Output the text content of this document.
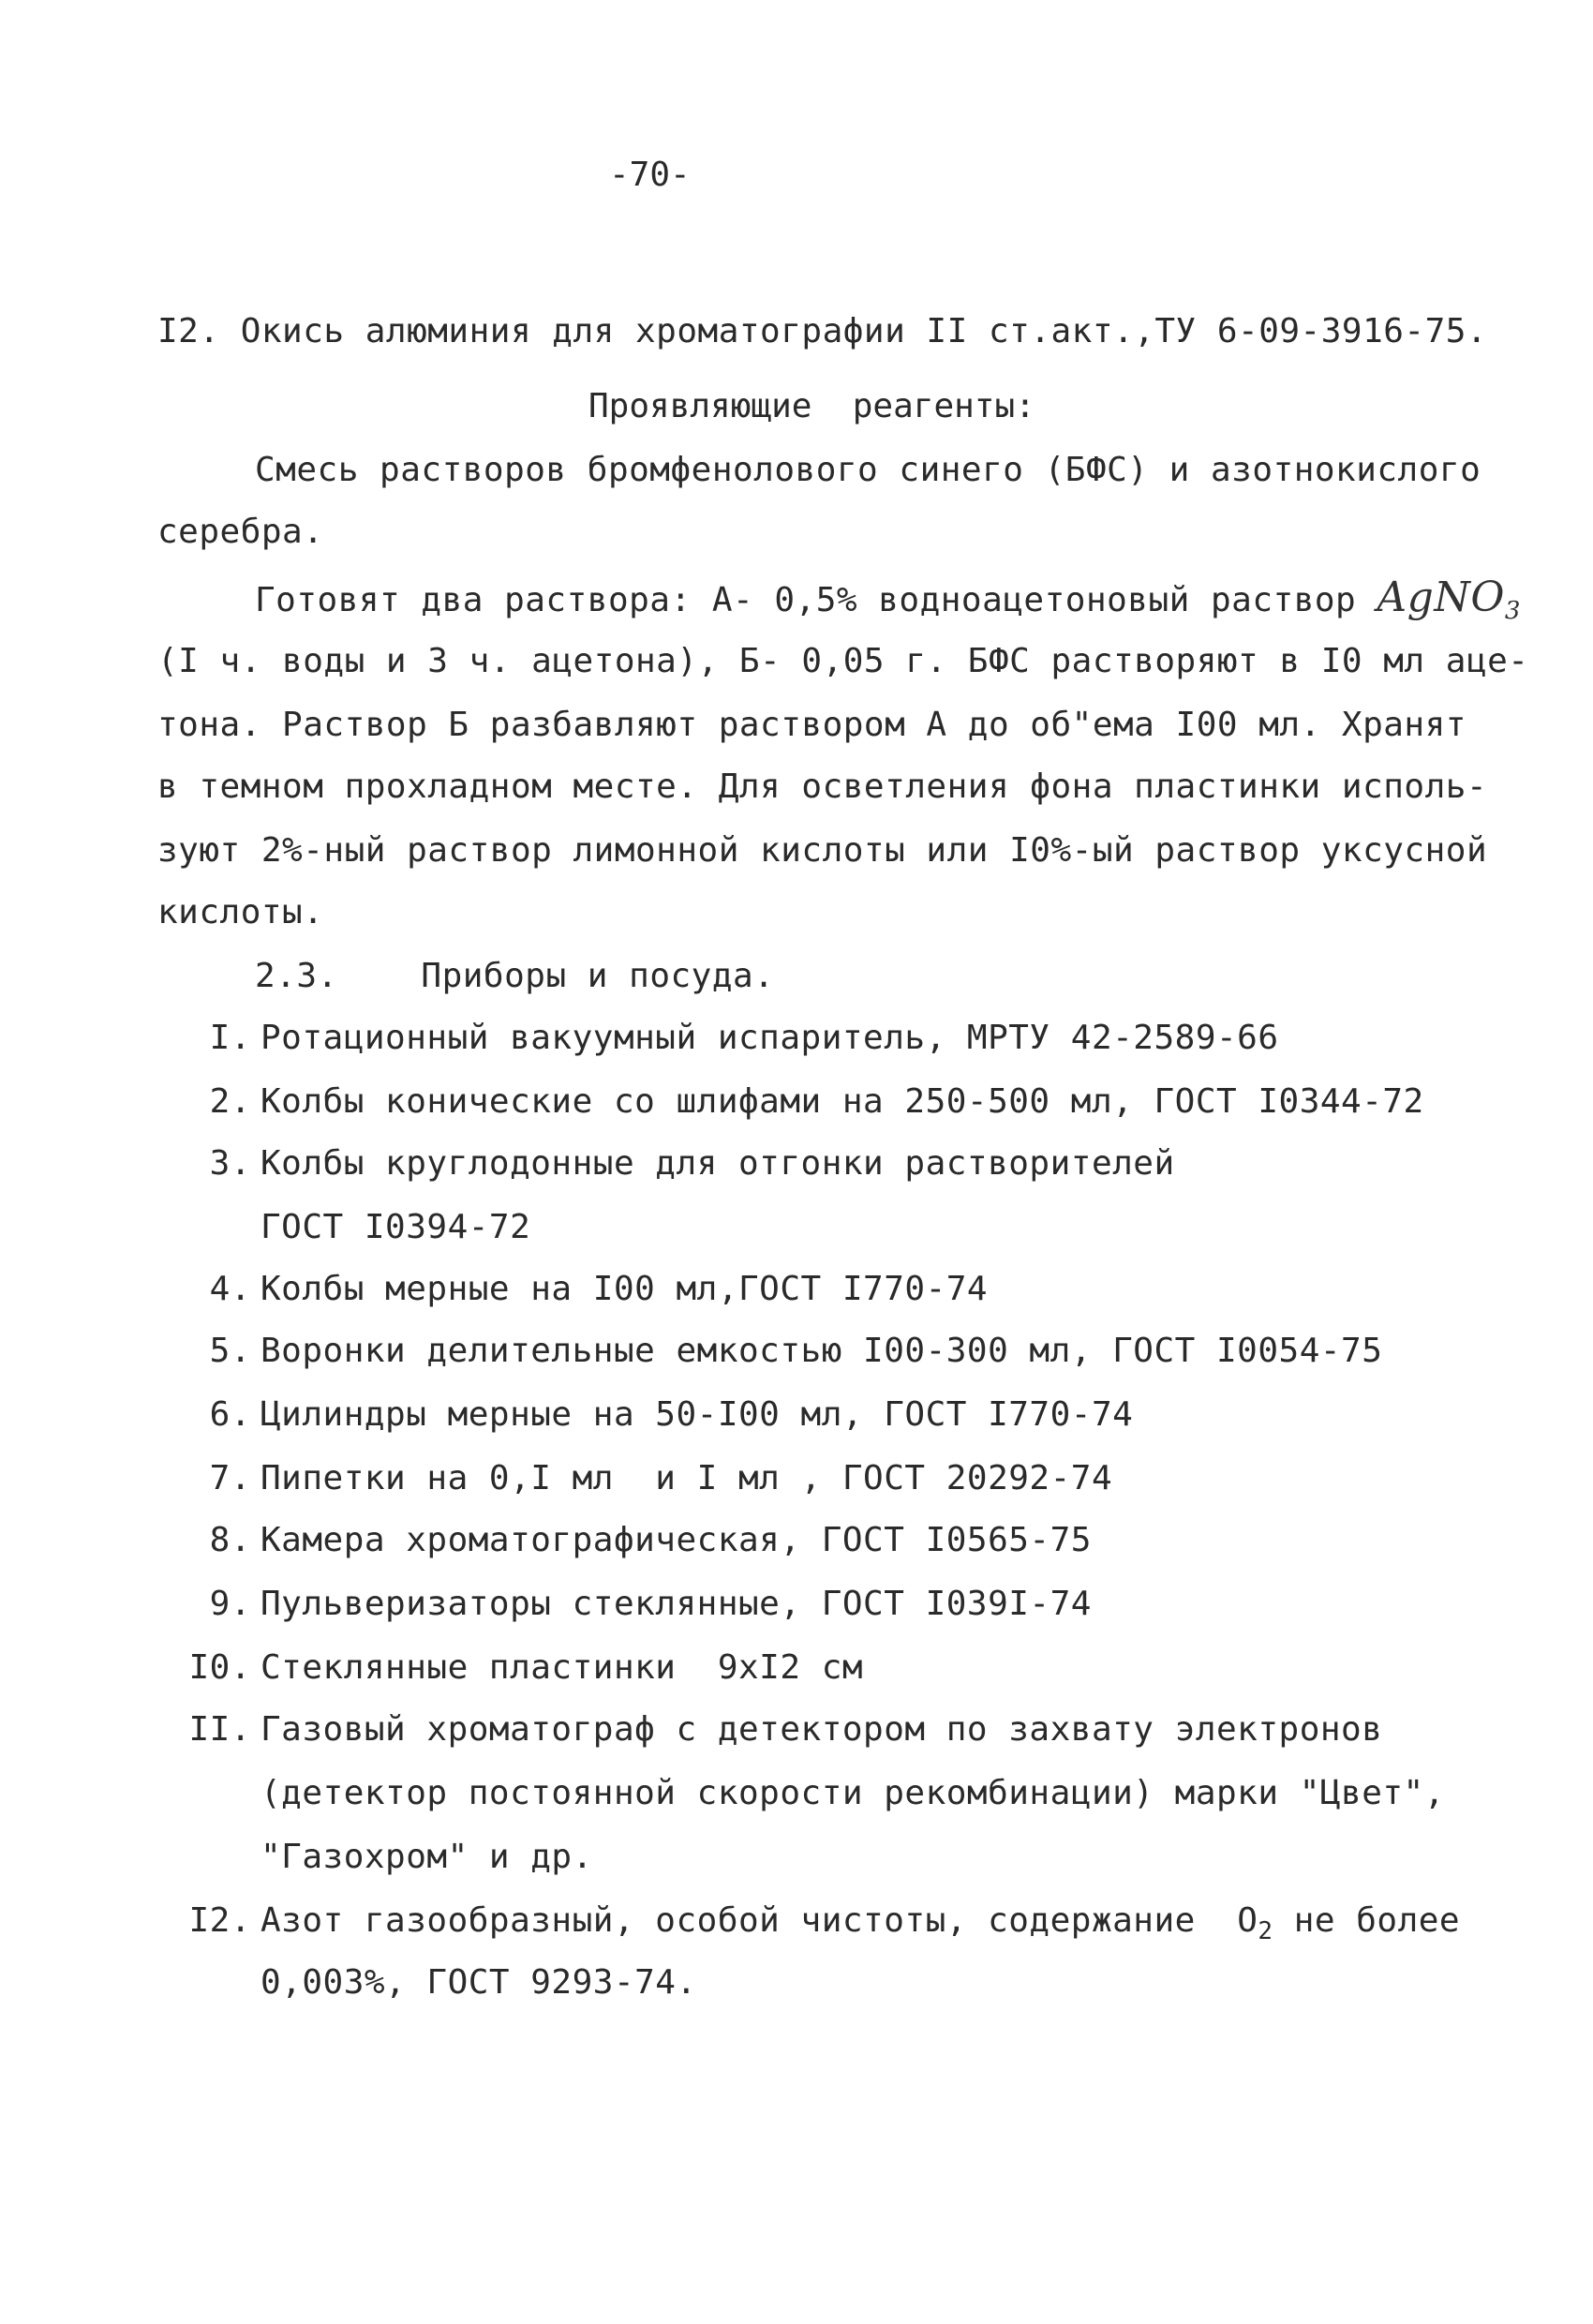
-70-
I2. Окись алюминия для хроматографии II ст.акт.,ТУ 6-09-3916-75.
Проявляющие  реагенты:
Смесь растворов бромфенолового синего (БФС) и азотнокислого
серебра.
Готовят два раствора: А- 0,5% водноацетоновый раствор AgNO$_3$
(I ч. воды и 3 ч. ацетона), Б- 0,05 г. БФС растворяют в I0 мл аце-
тона. Раствор Б разбавляют раствором А до об"ема I00 мл. Хранят
в темном прохладном месте. Для осветления фона пластинки исполь-
зуют 2%-ный раствор лимонной кислоты или I0%-ый раствор уксусной
кислоты.
2.3. Приборы и посуда.
I. Ротационный вакуумный испаритель, МРТУ 42-2589-66
2. Колбы конические со шлифами на 250-500 мл, ГОСТ I0344-72
3. Колбы круглодонные для отгонки растворителей
ГОСТ I0394-72
4. Колбы мерные на I00 мл,ГОСТ I770-74
5. Воронки делительные емкостью I00-300 мл, ГОСТ I0054-75
6. Цилиндры мерные на 50-I00 мл, ГОСТ I770-74
7. Пипетки на 0,I мл  и I мл , ГОСТ 20292-74
8. Камера хроматографическая, ГОСТ I0565-75
9. Пульверизаторы стеклянные, ГОСТ I039I-74
I0. Стеклянные пластинки  9xI2 см
II. Газовый хроматограф с детектором по захвату электронов
(детектор постоянной скорости рекомбинации) марки "Цвет",
"Газохром" и др.
I2. Азот газообразный, особой чистоты, содержание $O_2$ не более
0,003%, ГОСТ 9293-74.
